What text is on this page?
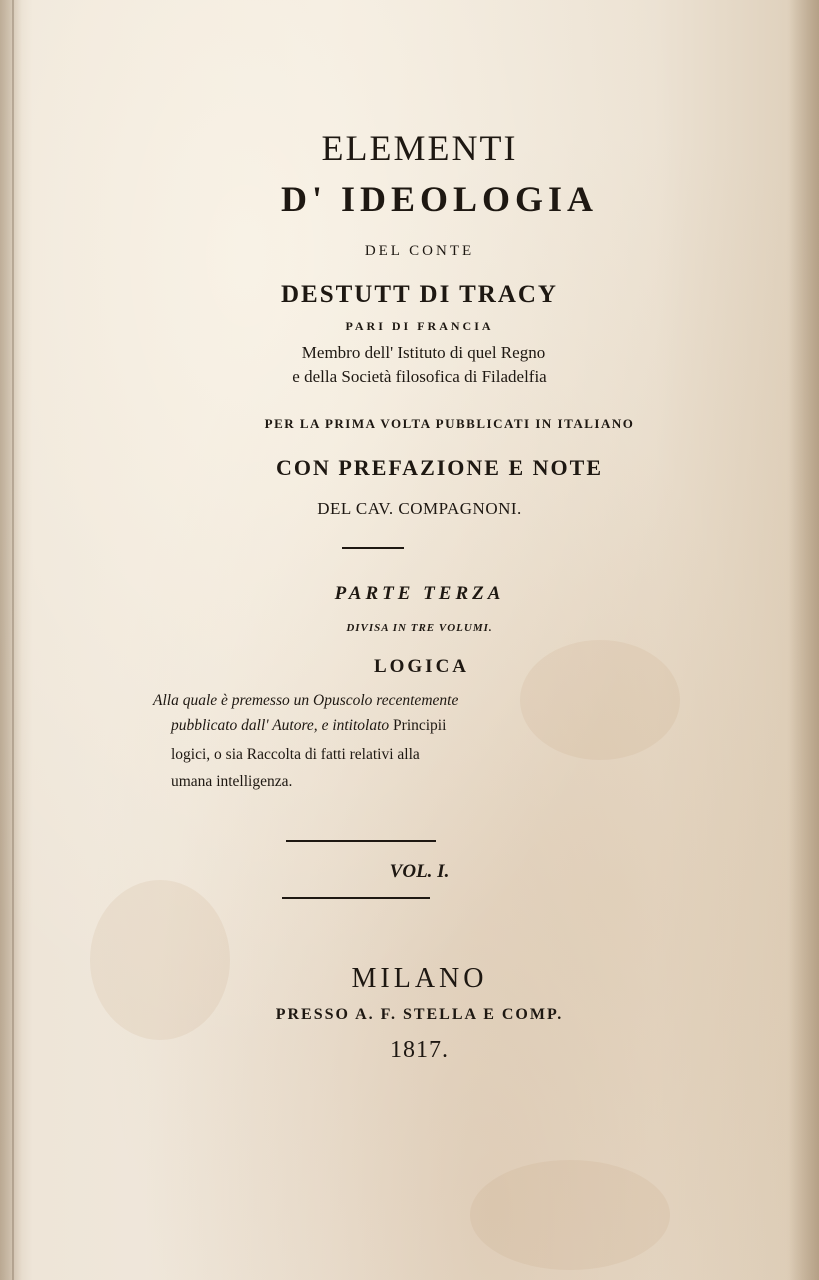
ELEMENTI
D' IDEOLOGIA
DEL CONTE
DESTUTT DI TRACY
PARI DI FRANCIA
Membro dell' Istituto di quel Regno
e della Società filosofica di Filadelfia
PER LA PRIMA VOLTA PUBBLICATI IN ITALIANO
CON PREFAZIONE E NOTE
DEL CAV. COMPAGNONI.
PARTE TERZA
DIVISA IN TRE VOLUMI.
LOGICA
Alla quale è premesso un Opuscolo recentemente
pubblicato dall' Autore, e intitolato Principii
logici, o sia Raccolta di fatti relativi alla
umana intelligenza.
VOL. I.
MILANO
PRESSO A. F. STELLA E COMP.
1817.
